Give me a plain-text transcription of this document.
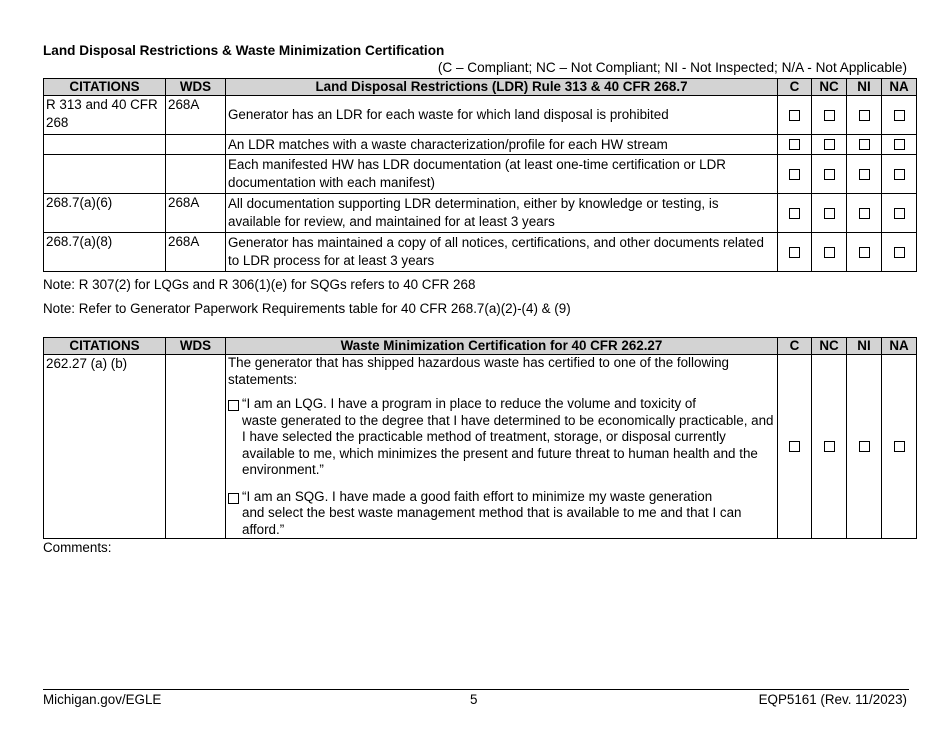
Land Disposal Restrictions & Waste Minimization Certification
(C – Compliant; NC – Not Compliant; NI - Not Inspected; N/A - Not Applicable)
CITATIONS	WDS	Land Disposal Restrictions (LDR) Rule 313 & 40 CFR 268.7	C	NC	NI	NA
R 313 and 40 CFR 268	268A	Generator has an LDR for each waste for which land disposal is prohibited				
		An LDR matches with a waste characterization/profile for each HW stream				
		Each manifested HW has LDR documentation (at least one-time certification or LDR documentation with each manifest)				
268.7(a)(6)	268A	All documentation supporting LDR determination, either by knowledge or testing, is available for review, and maintained for at least 3 years				
268.7(a)(8)	268A	Generator has maintained a copy of all notices, certifications, and other documents related to LDR process for at least 3 years				
Note: R 307(2) for LQGs and R 306(1)(e) for SQGs refers to 40 CFR 268
Note: Refer to Generator Paperwork Requirements table for 40 CFR 268.7(a)(2)-(4) & (9)
CITATIONS	WDS	Waste Minimization Certification for 40 CFR 262.27	C	NC	NI	NA
262.27 (a) (b)		The generator that has shipped hazardous waste has certified to one of the following statements:
“I am an LQG. I have a program in place to reduce the volume and toxicity of
waste generated to the degree that I have determined to be economically practicable, and I have selected the practicable method of treatment, storage, or disposal currently available to me, which minimizes the present and future threat to human health and the environment.”
“I am an SQG. I have made a good faith effort to minimize my waste generation
and select the best waste management method that is available to me and that I can afford.”				

Comments:
Michigan.gov/EGLE	5	EQP5161 (Rev. 11/2023)
